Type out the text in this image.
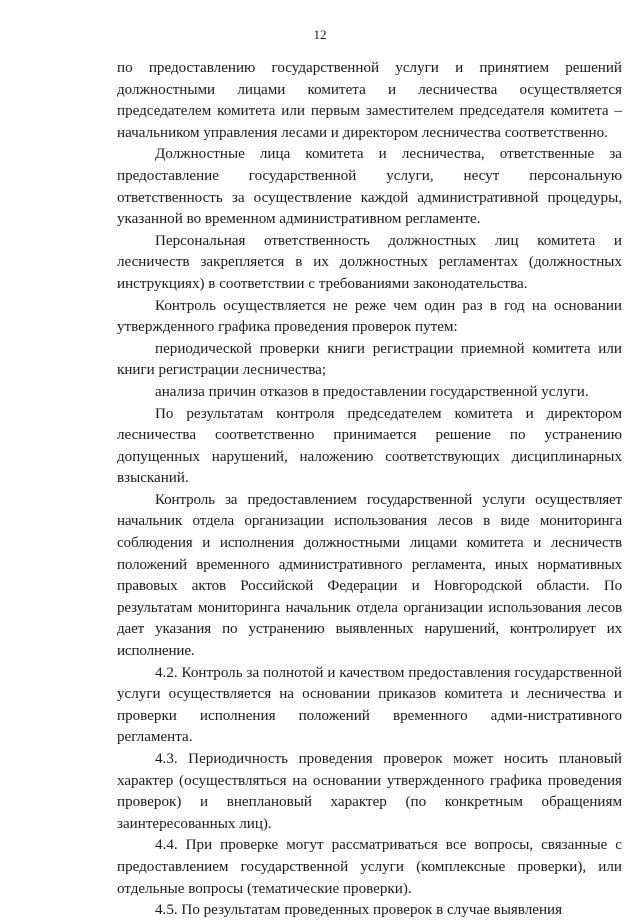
12

по предоставлению государственной услуги и принятием решений должностными лицами комитета и лесничества осуществляется председателем комитета или первым заместителем председателя комитета – начальником управления лесами и директором лесничества соответственно.

Должностные лица комитета и лесничества, ответственные за предоставление государственной услуги, несут персональную ответственность за осуществление каждой административной процедуры, указанной во временном административном регламенте.

Персональная ответственность должностных лиц комитета и лесничеств закрепляется в их должностных регламентах (должностных инструкциях) в соответствии с требованиями законодательства.

Контроль осуществляется не реже чем один раз в год на основании утвержденного графика проведения проверок путем:

периодической проверки книги регистрации приемной комитета или книги регистрации лесничества;

анализа причин отказов в предоставлении государственной услуги.

По результатам контроля председателем комитета и директором лесничества соответственно принимается решение по устранению допущенных нарушений, наложению соответствующих дисциплинарных взысканий.

Контроль за предоставлением государственной услуги осуществляет начальник отдела организации использования лесов в виде мониторинга соблюдения и исполнения должностными лицами комитета и лесничеств положений временного административного регламента, иных нормативных правовых актов Российской Федерации и Новгородской области. По результатам мониторинга начальник отдела организации использования лесов дает указания по устранению выявленных нарушений, контролирует их исполнение.

4.2. Контроль за полнотой и качеством предоставления государственной услуги осуществляется на основании приказов комитета и лесничества и проверки исполнения положений временного адми-нистративного регламента.

4.3. Периодичность проведения проверок может носить плановый характер (осуществляться на основании утвержденного графика проведения проверок) и внеплановый характер (по конкретным обращениям заинтересованных лиц).

4.4. При проверке могут рассматриваться все вопросы, связанные с предоставлением государственной услуги (комплексные проверки), или отдельные вопросы (тематические проверки).

4.5. По результатам проведенных проверок в случае выявления
